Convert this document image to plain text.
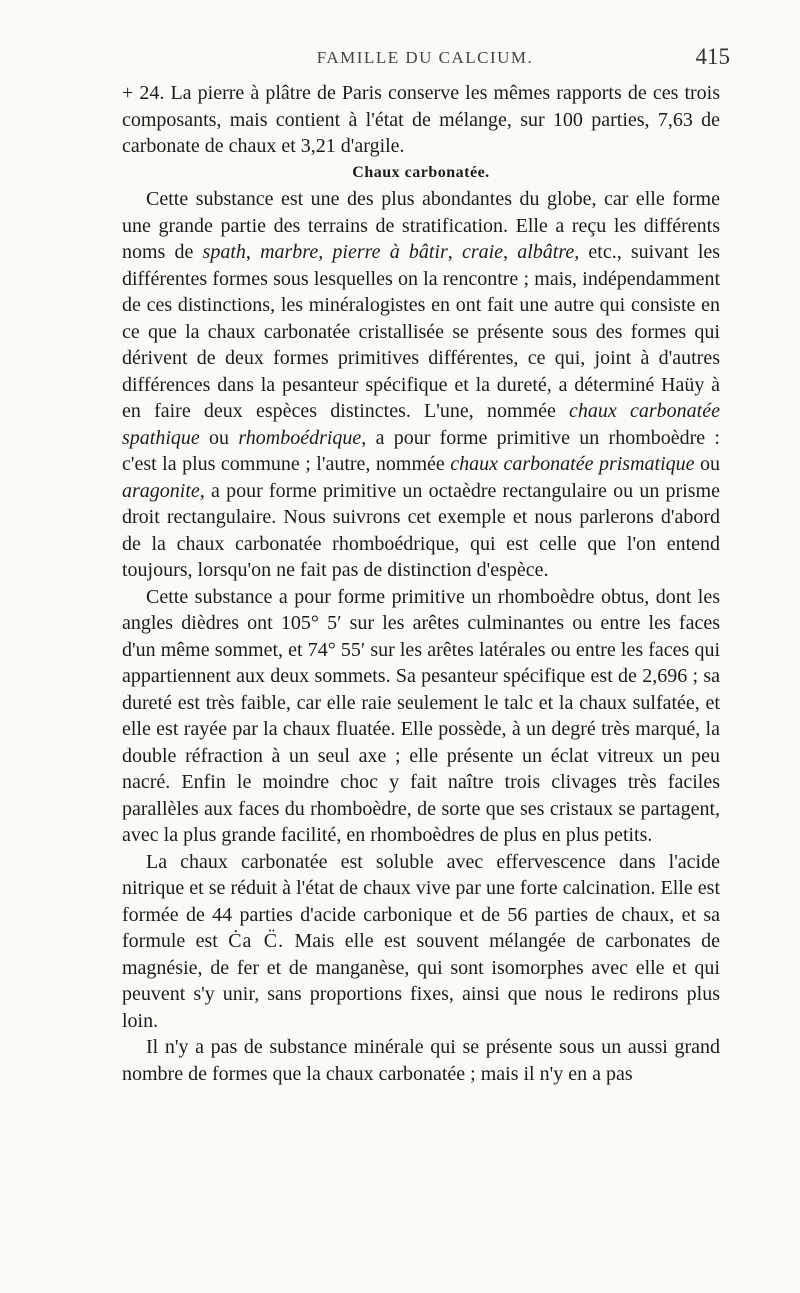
FAMILLE DU CALCIUM.	415

+ 24. La pierre à plâtre de Paris conserve les mêmes rapports de ces trois composants, mais contient à l'état de mélange, sur 100 parties, 7,63 de carbonate de chaux et 3,21 d'argile.

Chaux carbonatée.

Cette substance est une des plus abondantes du globe, car elle forme une grande partie des terrains de stratification. Elle a reçu les différents noms de spath, marbre, pierre à bâtir, craie, albâtre, etc., suivant les différentes formes sous lesquelles on la rencontre ; mais, indépendamment de ces distinctions, les minéralogistes en ont fait une autre qui consiste en ce que la chaux carbonatée cristallisée se présente sous des formes qui dérivent de deux formes primitives différentes, ce qui, joint à d'autres différences dans la pesanteur spécifique et la dureté, a déterminé Haüy à en faire deux espèces distinctes. L'une, nommée chaux carbonatée spathique ou rhomboédrique, a pour forme primitive un rhomboèdre : c'est la plus commune ; l'autre, nommée chaux carbonatée prismatique ou aragonite, a pour forme primitive un octaèdre rectangulaire ou un prisme droit rectangulaire. Nous suivrons cet exemple et nous parlerons d'abord de la chaux carbonatée rhomboédrique, qui est celle que l'on entend toujours, lorsqu'on ne fait pas de distinction d'espèce.

Cette substance a pour forme primitive un rhomboèdre obtus, dont les angles dièdres ont 105° 5′ sur les arêtes culminantes ou entre les faces d'un même sommet, et 74° 55′ sur les arêtes latérales ou entre les faces qui appartiennent aux deux sommets. Sa pesanteur spécifique est de 2,696 ; sa dureté est très faible, car elle raie seulement le talc et la chaux sulfatée, et elle est rayée par la chaux fluatée. Elle possède, à un degré très marqué, la double réfraction à un seul axe ; elle présente un éclat vitreux un peu nacré. Enfin le moindre choc y fait naître trois clivages très faciles parallèles aux faces du rhomboèdre, de sorte que ses cristaux se partagent, avec la plus grande facilité, en rhomboèdres de plus en plus petits.

La chaux carbonatée est soluble avec effervescence dans l'acide nitrique et se réduit à l'état de chaux vive par une forte calcination. Elle est formée de 44 parties d'acide carbonique et de 56 parties de chaux, et sa formule est Ċa C̈. Mais elle est souvent mélangée de carbonates de magnésie, de fer et de manganèse, qui sont isomorphes avec elle et qui peuvent s'y unir, sans proportions fixes, ainsi que nous le redirons plus loin.

Il n'y a pas de substance minérale qui se présente sous un aussi grand nombre de formes que la chaux carbonatée ; mais il n'y en a pas
